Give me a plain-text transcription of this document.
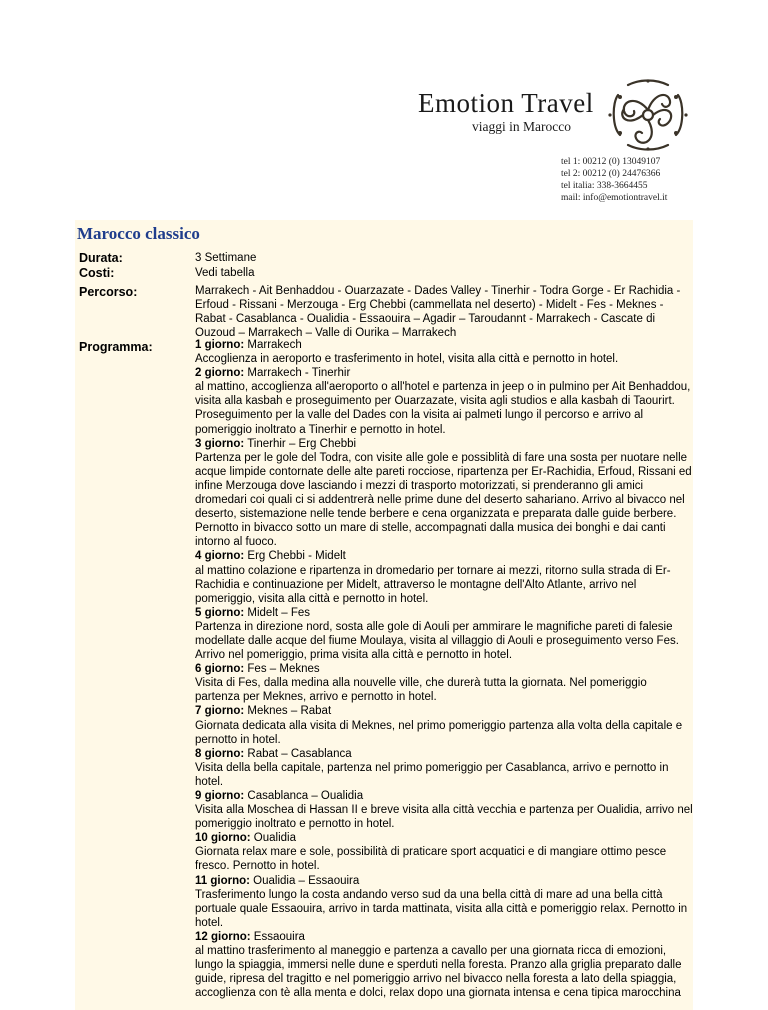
Emotion Travel
viaggi in Marocco
tel 1: 00212 (0) 13049107
tel 2: 00212 (0) 24476366
tel italia: 338-3664455
mail: info@emotiontravel.it
Marocco classico
Durata:	3 Settimane
Costi:	Vedi tabella
Percorso:	Marrakech - Ait Benhaddou - Ouarzazate - Dades Valley - Tinerhir - Todra Gorge - Er Rachidia - Erfoud - Rissani - Merzouga - Erg Chebbi (cammellata nel deserto) - Midelt - Fes - Meknes - Rabat - Casablanca - Oualidia - Essaouira – Agadir – Taroudannt - Marrakech - Cascate di Ouzoud – Marrakech – Valle di Ourika – Marrakech
Programma:	1 giorno: Marrakech
Accoglienza in aeroporto e trasferimento in hotel, visita alla città e pernotto in hotel.
2 giorno: Marrakech - Tinerhir
al mattino, accoglienza all'aeroporto o all'hotel e partenza in jeep o in pulmino per Ait Benhaddou, visita alla kasbah e proseguimento per Ouarzazate, visita agli studios e alla kasbah di Taourirt. Proseguimento per la valle del Dades con la visita ai palmeti lungo il percorso e arrivo al pomeriggio inoltrato a Tinerhir e pernotto in hotel.
3 giorno: Tinerhir – Erg Chebbi
Partenza per le gole del Todra, con visite alle gole e possiblità di fare una sosta per nuotare nelle acque limpide contornate delle alte pareti rocciose, ripartenza per Er-Rachidia, Erfoud, Rissani ed infine Merzouga dove lasciando i mezzi di trasporto motorizzati, si prenderanno gli amici dromedari coi quali ci si addentrerà nelle prime dune del deserto sahariano. Arrivo al bivacco nel deserto, sistemazione nelle tende berbere e cena organizzata e preparata dalle guide berbere. Pernotto in bivacco sotto un mare di stelle, accompagnati dalla musica dei bonghi e dai canti intorno al fuoco.
4 giorno: Erg Chebbi - Midelt
al mattino colazione e ripartenza in dromedario per tornare ai mezzi, ritorno sulla strada di Er-Rachidia e continuazione per Midelt, attraverso le montagne dell'Alto Atlante, arrivo nel pomeriggio, visita alla città e pernotto in hotel.
5 giorno: Midelt – Fes
Partenza in direzione nord, sosta alle gole di Aouli per ammirare le magnifiche pareti di falesie modellate dalle acque del fiume Moulaya, visita al villaggio di Aouli e proseguimento verso Fes. Arrivo nel pomeriggio, prima visita alla città e pernotto in hotel.
6 giorno: Fes – Meknes
Visita di Fes, dalla medina alla nouvelle ville, che durerà tutta la giornata. Nel pomeriggio partenza per Meknes, arrivo e pernotto in hotel.
7 giorno: Meknes – Rabat
Giornata dedicata alla visita di Meknes, nel primo pomeriggio partenza alla volta della capitale e pernotto in hotel.
8 giorno: Rabat – Casablanca
Visita della bella capitale, partenza nel primo pomeriggio per Casablanca, arrivo e pernotto in hotel.
9 giorno: Casablanca – Oualidia
Visita alla Moschea di Hassan II e breve visita alla città vecchia e partenza per Oualidia, arrivo nel pomeriggio inoltrato e pernotto in hotel.
10 giorno: Oualidia
Giornata relax mare e sole, possibilità di praticare sport acquatici e di mangiare ottimo pesce fresco. Pernotto in hotel.
11 giorno: Oualidia – Essaouira
Trasferimento lungo la costa andando verso sud da una bella città di mare ad una bella città portuale quale Essaouira, arrivo in tarda mattinata, visita alla città e pomeriggio relax. Pernotto in hotel.
12 giorno: Essaouira
al mattino trasferimento al maneggio e partenza a cavallo per una giornata ricca di emozioni, lungo la spiaggia, immersi nelle dune e sperduti nella foresta. Pranzo alla griglia preparato dalle guide, ripresa del tragitto e nel pomeriggio arrivo nel bivacco nella foresta a lato della spiaggia, accoglienza con tè alla menta e dolci, relax dopo una giornata intensa e cena tipica marocchina
